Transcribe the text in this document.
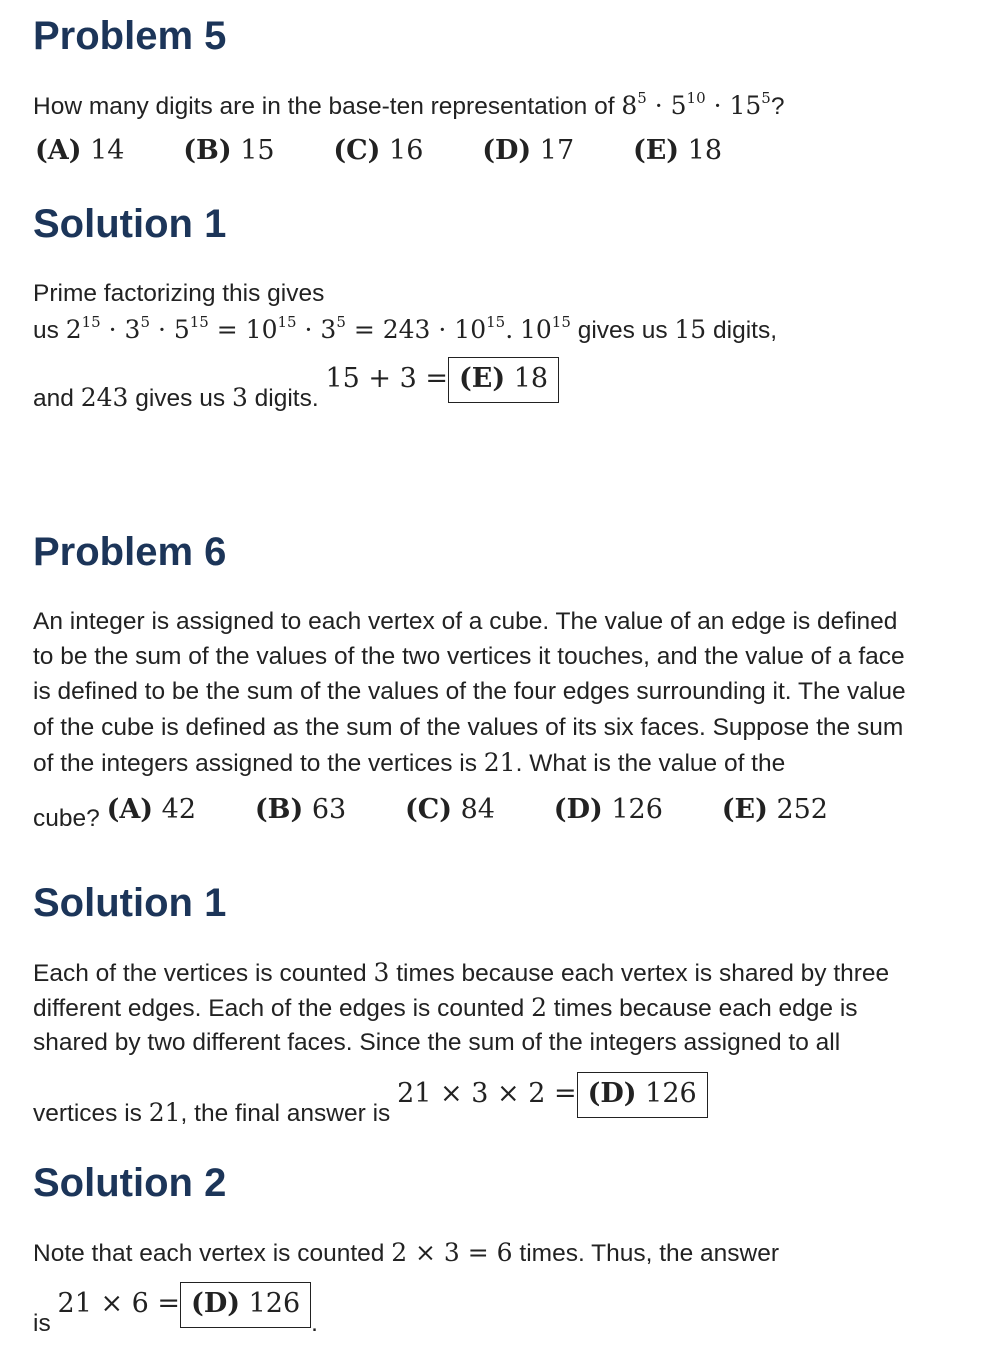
Problem 5
How many digits are in the base-ten representation of $8^5 \cdot 5^{10} \cdot 15^5$?
(A) 14 (B) 15 (C) 16 (D) 17 (E) 18
Solution 1
Prime factorizing this gives
us $2^{15} \cdot 3^5 \cdot 5^{15} = 10^{15} \cdot 3^5 = 243 \cdot 10^{15}$. $10^{15}$ gives us 15 digits,
and 243 gives us 3 digits. 15 + 3 = (E) 18
Problem 6
An integer is assigned to each vertex of a cube. The value of an edge is defined
to be the sum of the values of the two vertices it touches, and the value of a face
is defined to be the sum of the values of the four edges surrounding it. The value
of the cube is defined as the sum of the values of its six faces. Suppose the sum
of the integers assigned to the vertices is 21. What is the value of the
cube? (A) 42 (B) 63 (C) 84 (D) 126 (E) 252
Solution 1
Each of the vertices is counted 3 times because each vertex is shared by three
different edges. Each of the edges is counted 2 times because each edge is
shared by two different faces. Since the sum of the integers assigned to all
vertices is 21, the final answer is 21 × 3 × 2 = (D) 126
Solution 2
Note that each vertex is counted 2 × 3 = 6 times. Thus, the answer
is 21 × 6 = (D) 126.
